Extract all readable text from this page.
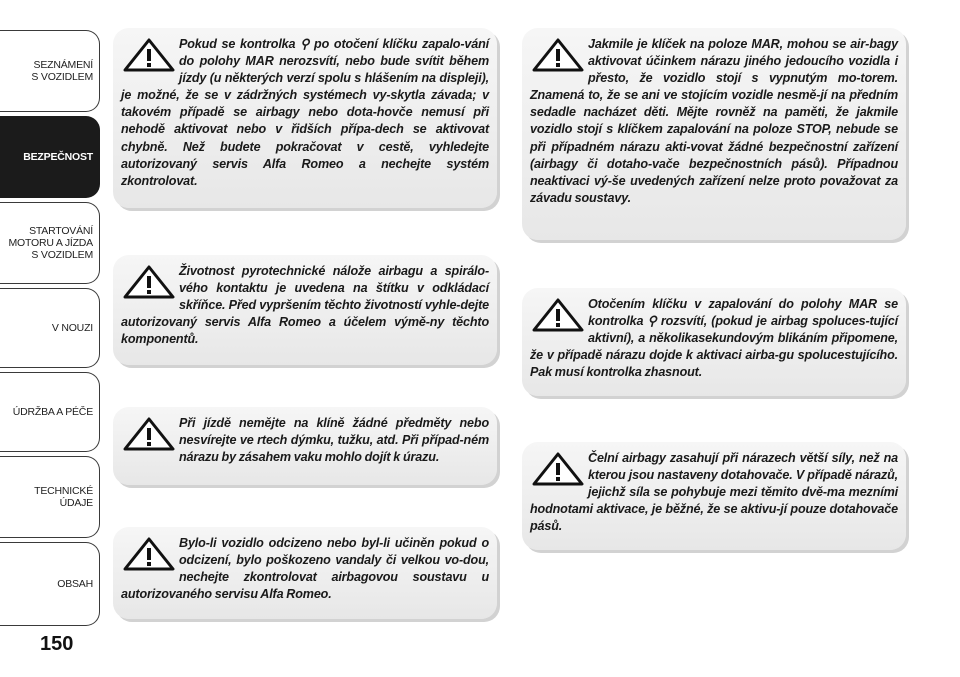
SEZNÁMENÍ
S VOZIDLEM
BEZPEČNOST
STARTOVÁNÍ
MOTORU A JÍZDA
S VOZIDLEM
V NOUZI
ÚDRŽBA A PÉČE
TECHNICKÉ
ÚDAJE
OBSAH
150
Pokud se kontrolka ⚲ po otočení klíčku zapalo-vání do polohy MAR nerozsvítí, nebo bude svítit během jízdy (u některých verzí spolu s hlášením na displeji), je možné, že se v zádržných systémech vy-skytla závada; v takovém případě se airbagy nebo dota-hovče nemusí při nehodě aktivovat nebo v řidších přípa-dech se aktivovat chybně. Než budete pokračovat v cestě, vyhledejte autorizovaný servis Alfa Romeo a nechejte systém zkontrolovat.
Životnost pyrotechnické nálože airbagu a spirálo-vého kontaktu je uvedena na štítku v odkládací skříňce. Před vypršením těchto životností vyhle-dejte autorizovaný servis Alfa Romeo a účelem výmě-ny těchto komponentů.
Při jízdě nemějte na klíně žádné předměty nebo nesvírejte ve rtech dýmku, tužku, atd. Při případ-ném nárazu by zásahem vaku mohlo dojít k úrazu.
Bylo-li vozidlo odcizeno nebo byl-li učiněn pokud o odcizení, bylo poškozeno vandaly či velkou vo-dou, nechejte zkontrolovat airbagovou soustavu u autorizovaného servisu Alfa Romeo.
Jakmile je klíček na poloze MAR, mohou se air-bagy aktivovat účinkem nárazu jiného jedoucího vozidla i přesto, že vozidlo stojí s vypnutým mo-torem. Znamená to, že se ani ve stojícím vozidle nesmě-jí na předním sedadle nacházet děti. Mějte rovněž na paměti, že jakmile vozidlo stojí s klíčkem zapalování na poloze STOP, nebude se při případném nárazu akti-vovat žádné bezpečnostní zařízení (airbagy či dotaho-vače bezpečnostních pásů). Případnou neaktivaci vý-še uvedených zařízení nelze proto považovat za závadu soustavy.
Otočením klíčku v zapalování do polohy MAR se kontrolka ⚲ rozsvítí, (pokud je airbag spoluces-tující aktivní), a několikasekundovým blikáním připomene, že v případě nárazu dojde k aktivaci airba-gu spolucestujícího. Pak musí kontrolka zhasnout.
Čelní airbagy zasahují při nárazech větší síly, než na kterou jsou nastaveny dotahovače. V případě nárazů, jejichž síla se pohybuje mezi těmito dvě-ma mezními hodnotami aktivace, je běžné, že se aktivu-jí pouze dotahovače pásů.
